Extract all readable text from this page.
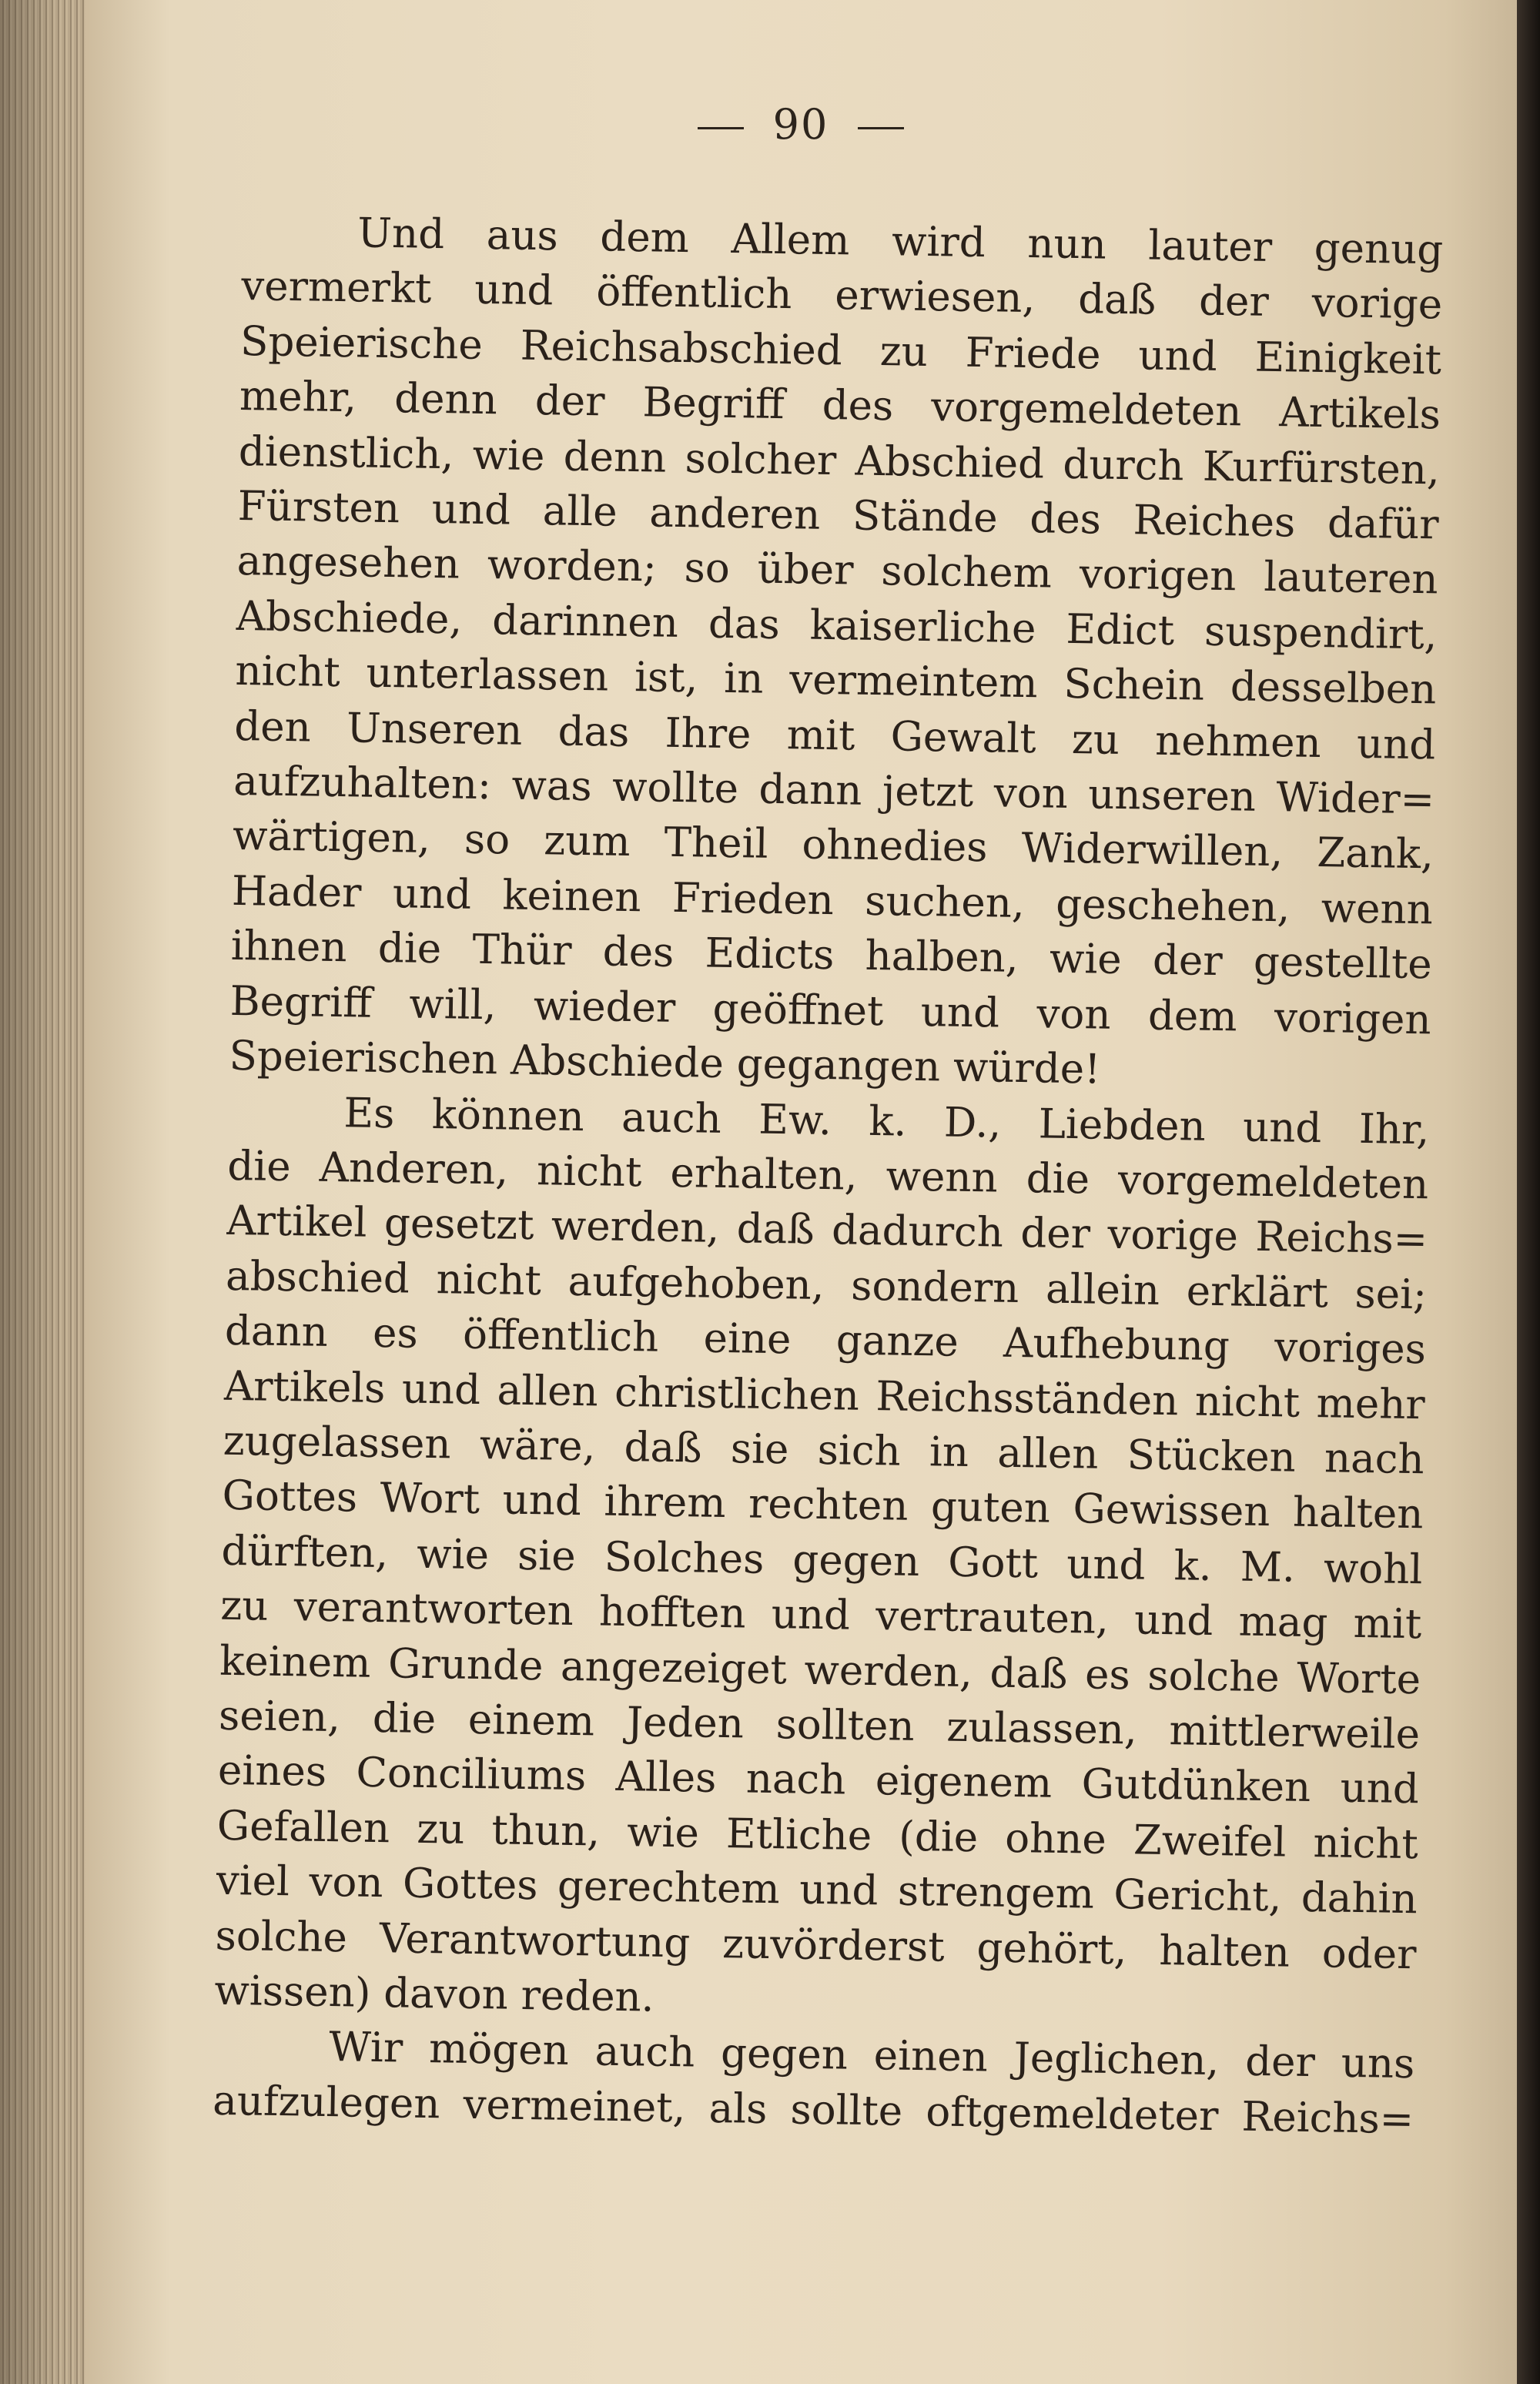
90

Und aus dem Allem wird nun lauter genug
vermerkt und öffentlich erwiesen, daß der vorige
Speierische Reichsabschied zu Friede und Einigkeit
mehr, denn der Begriff des vorgemeldeten Artikels
dienstlich, wie denn solcher Abschied durch Kurfürsten,
Fürsten und alle anderen Stände des Reiches dafür
angesehen worden; so über solchem vorigen lauteren
Abschiede, darinnen das kaiserliche Edict suspendirt,
nicht unterlassen ist, in vermeintem Schein desselben
den Unseren das Ihre mit Gewalt zu nehmen und
aufzuhalten: was wollte dann jetzt von unseren Wider=
wärtigen, so zum Theil ohnedies Widerwillen, Zank,
Hader und keinen Frieden suchen, geschehen, wenn
ihnen die Thür des Edicts halben, wie der gestellte
Begriff will, wieder geöffnet und von dem vorigen
Speierischen Abschiede gegangen würde!

Es können auch Ew. k. D., Liebden und Ihr,
die Anderen, nicht erhalten, wenn die vorgemeldeten
Artikel gesetzt werden, daß dadurch der vorige Reichs=
abschied nicht aufgehoben, sondern allein erklärt sei;
dann es öffentlich eine ganze Aufhebung voriges
Artikels und allen christlichen Reichsständen nicht mehr
zugelassen wäre, daß sie sich in allen Stücken nach
Gottes Wort und ihrem rechten guten Gewissen halten
dürften, wie sie Solches gegen Gott und k. M. wohl
zu verantworten hofften und vertrauten, und mag mit
keinem Grunde angezeiget werden, daß es solche Worte
seien, die einem Jeden sollten zulassen, mittlerweile
eines Conciliums Alles nach eigenem Gutdünken und
Gefallen zu thun, wie Etliche (die ohne Zweifel nicht
viel von Gottes gerechtem und strengem Gericht, dahin
solche Verantwortung zuvörderst gehört, halten oder
wissen) davon reden.

Wir mögen auch gegen einen Jeglichen, der uns
aufzulegen vermeinet, als sollte oftgemeldeter Reichs=
